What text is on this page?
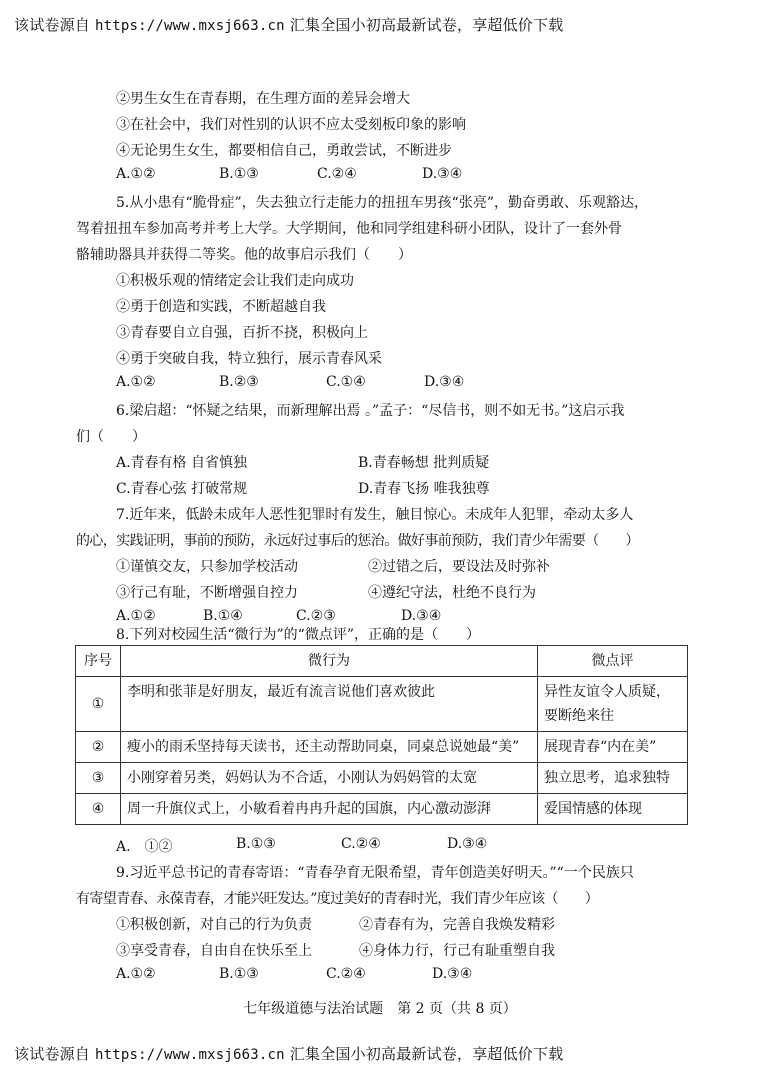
该试卷源自 https://www.mxsj663.cn 汇集全国小初高最新试卷，享超低价下载
②男生女生在青春期，在生理方面的差异会增大
③在社会中，我们对性别的认识不应太受刻板印象的影响
④无论男生女生，都要相信自己，勇敢尝试，不断进步
A.①②	B.①③	C.②④	D.③④
5.从小患有“脆骨症”，失去独立行走能力的扭扭车男孩“张亮”，勤奋勇敢、乐观豁达，
驾着扭扭车参加高考并考上大学。大学期间，他和同学组建科研小团队，设计了一套外骨
骼辅助器具并获得二等奖。他的故事启示我们（　　）
①积极乐观的情绪定会让我们走向成功
②勇于创造和实践，不断超越自我
③青春要自立自强，百折不挠，积极向上
④勇于突破自我，特立独行，展示青春风采
A.①②	B.②③	C.①④	D.③④
6.梁启超：“怀疑之结果，而新理解出焉 。”孟子：“尽信书，则不如无书。”这启示我
们（　　）
A.青春有格 自省慎独	B.青春畅想 批判质疑
C.青春心弦 打破常规	D.青春飞扬 唯我独尊
7.近年来，低龄未成年人恶性犯罪时有发生，触目惊心。未成年人犯罪，牵动太多人
的心，实践证明，事前的预防，永远好过事后的惩治。做好事前预防，我们青少年需要（　　）
①谨慎交友，只参加学校活动	②过错之后，要设法及时弥补
③行己有耻，不断增强自控力	④遵纪守法，杜绝不良行为
A.①②	B.①④	C.②③	D.③④
8.下列对校园生活“微行为”的“微点评”，正确的是（　　）
序号	微行为	微点评
①	李明和张菲是好朋友，最近有流言说他们喜欢彼此	异性友谊令人质疑，要断绝来往
②	瘦小的雨禾坚持每天读书，还主动帮助同桌，同桌总说她最“美”	展现青春“内在美”
③	小刚穿着另类，妈妈认为不合适，小刚认为妈妈管的太宽	独立思考，追求独特
④	周一升旗仪式上，小敏看着冉冉升起的国旗，内心激动澎湃	爱国情感的体现
A.　①②	B.①③	C.②④	D.③④
9.习近平总书记的青春寄语：“青春孕育无限希望，青年创造美好明天。”“一个民族只
有寄望青春、永葆青春，才能兴旺发达。”度过美好的青春时光，我们青少年应该（　　）
①积极创新，对自己的行为负责	②青春有为，完善自我焕发精彩
③享受青春，自由自在快乐至上	④身体力行，行己有耻重塑自我
A.①②	B.①③	C.②④	D.③④
七年级道德与法治试题　第 2 页（共 8 页）
该试卷源自 https://www.mxsj663.cn 汇集全国小初高最新试卷，享超低价下载
